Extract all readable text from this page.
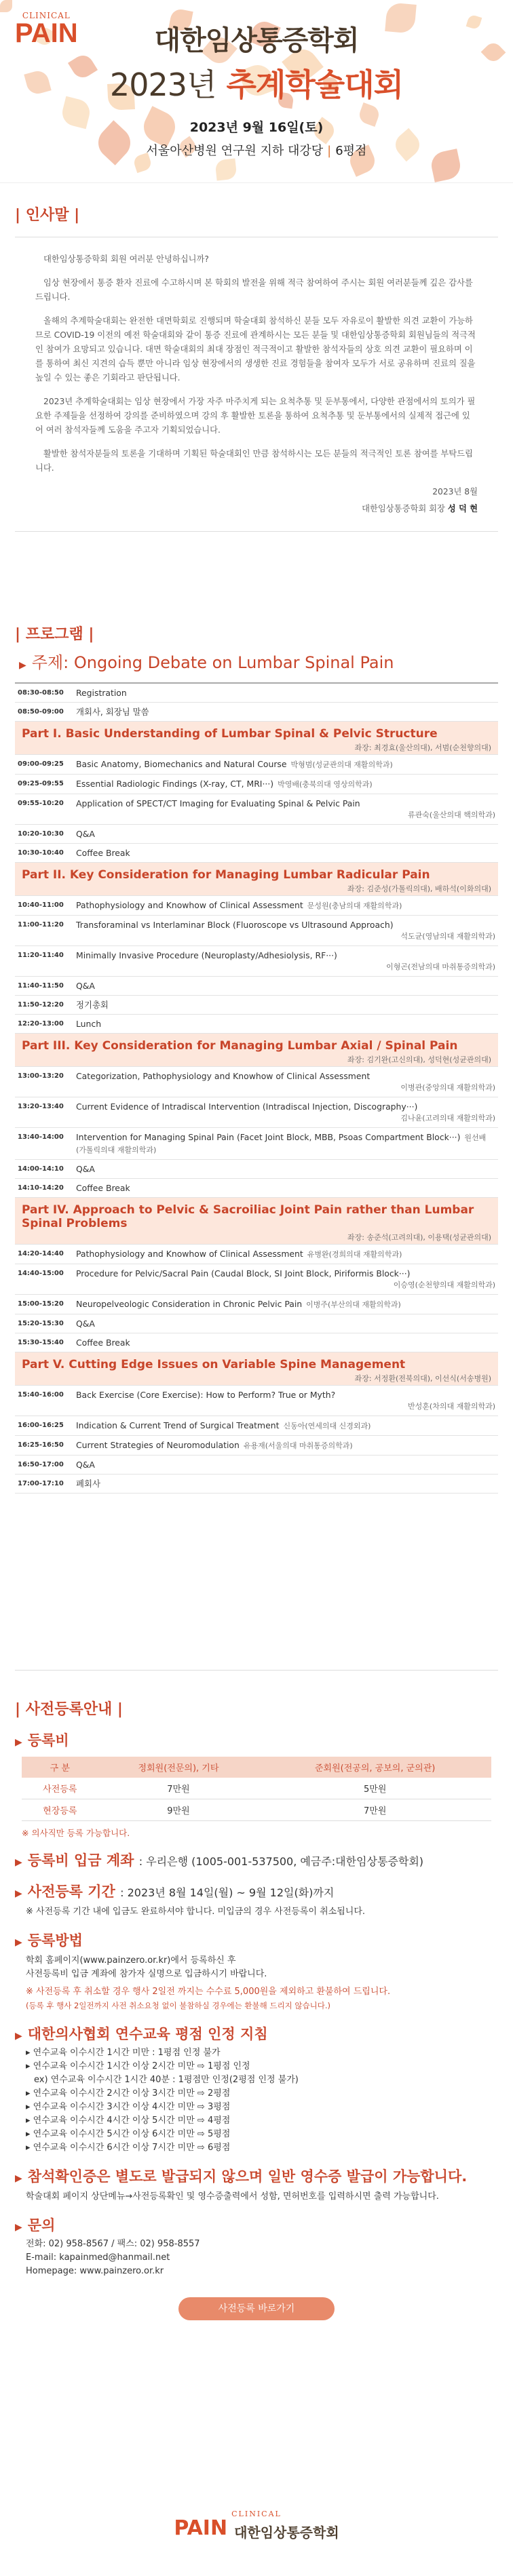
CLINICAL
PAIN	대한임상통증학회
2023년 추계학술대회
2023년 9월 16일(토)
서울아산병원 연구원 지하 대강당 | 6평점
| 인사말 |

대한임상통증학회 회원 여러분 안녕하십니까?

임상 현장에서 통증 환자 진료에 수고하시며 본 학회의 발전을 위해 적극 참여하여 주시는 회원 여러분들께 깊은 감사를 드립니다.

올해의 추계학술대회는 완전한 대면학회로 진행되며 학술대회 참석하신 분들 모두 자유로이 활발한 의견 교환이 가능하므로 COVID-19 이전의 예전 학술대회와 같이 통증 진료에 관계하시는 모든 분들 및 대한임상통증학회 회원님들의 적극적인 참여가 요망되고 있습니다. 대면 학술대회의 최대 장점인 적극적이고 활발한 참석자들의 상호 의견 교환이 필요하며 이를 통하여 최신 지견의 습득 뿐만 아니라 임상 현장에서의 생생한 진료 경험들을 참여자 모두가 서로 공유하며 진료의 질을 높일 수 있는 좋은 기회라고 판단됩니다.

2023년 추계학술대회는 임상 현장에서 가장 자주 마주치게 되는 요척추통 및 둔부통에서, 다양한 관점에서의 토의가 필요한 주제들을 선정하여 강의를 준비하였으며 강의 후 활발한 토론을 통하여 요척추통 및 둔부통에서의 실제적 접근에 있어 여러 참석자들께 도움을 주고자 기획되었습니다.

활발한 참석자분들의 토론을 기대하며 기획된 학술대회인 만큼 참석하시는 모든 분들의 적극적인 토론 참여를 부탁드립니다.

2023년 8월
대한임상통증학회 회장 성 덕 현
| 프로그램 |
▶ 주제: Ongoing Debate on Lumbar Spinal Pain
08:30-08:50	Registration
08:50-09:00	개회사, 회장님 말씀
Part I. Basic Understanding of Lumbar Spinal & Pelvic Structure
좌장: 최경효(울산의대), 서범(순천향의대)
09:00-09:25	Basic Anatomy, Biomechanics and Natural Course 박형범(성균관의대 재활의학과)
09:25-09:55	Essential Radiologic Findings (X-ray, CT, MRI···) 박영배(충북의대 영상의학과)
09:55-10:20	Application of SPECT/CT Imaging for Evaluating Spinal & Pelvic Pain
류관숙(울산의대 핵의학과)
10:20-10:30	Q&A
10:30-10:40	Coffee Break
Part II. Key Consideration for Managing Lumbar Radicular Pain
좌장: 김준성(가톨릭의대), 배하석(이화의대)
10:40-11:00	Pathophysiology and Knowhow of Clinical Assessment 문성원(충남의대 재활의학과)
11:00-11:20	Transforaminal vs Interlaminar Block (Fluoroscope vs Ultrasound Approach)
석도균(영남의대 재활의학과)
11:20-11:40	Minimally Invasive Procedure (Neuroplasty/Adhesiolysis, RF···)
이형곤(전남의대 마취통증의학과)
11:40-11:50	Q&A
11:50-12:20	정기총회
12:20-13:00	Lunch
Part III. Key Consideration for Managing Lumbar Axial / Spinal Pain
좌장: 김기완(고신의대), 성덕현(성균관의대)
13:00-13:20	Categorization, Pathophysiology and Knowhow of Clinical Assessment
이병관(중앙의대 재활의학과)
13:20-13:40	Current Evidence of Intradiscal Intervention (Intradiscal Injection, Discography···)
김나윤(고려의대 재활의학과)
13:40-14:00	Intervention for Managing Spinal Pain (Facet Joint Block, MBB, Psoas Compartment Block···) 원선배(가톨릭의대 재활의학과)
14:00-14:10	Q&A
14:10-14:20	Coffee Break
Part IV. Approach to Pelvic & Sacroiliac Joint Pain rather than Lumbar Spinal Problems
좌장: 송준석(고려의대), 이용택(성균관의대)
14:20-14:40	Pathophysiology and Knowhow of Clinical Assessment 유병완(경희의대 재활의학과)
14:40-15:00	Procedure for Pelvic/Sacral Pain (Caudal Block, SI Joint Block, Piriformis Block···)
이승영(순천향의대 재활의학과)
15:00-15:20	Neuropelveologic Consideration in Chronic Pelvic Pain 이병주(부산의대 재활의학과)
15:20-15:30	Q&A
15:30-15:40	Coffee Break
Part V. Cutting Edge Issues on Variable Spine Management
좌장: 서정환(전북의대), 이선식(서송병원)
15:40-16:00	Back Exercise (Core Exercise): How to Perform? True or Myth?
반성훈(차의대 재활의학과)
16:00-16:25	Indication & Current Trend of Surgical Treatment 신동아(연세의대 신경외과)
16:25-16:50	Current Strategies of Neuromodulation 유용재(서울의대 마취통증의학과)
16:50-17:00	Q&A
17:00-17:10	폐회사
| 사전등록안내 |
▶ 등록비
구 분	정회원(전문의), 기타	준회원(전공의, 공보의, 군의관)
사전등록	7만원	5만원
현장등록	9만원	7만원
※ 의사직만 등록 가능합니다.
▶ 등록비 입금 계좌 : 우리은행 (1005-001-537500, 예금주:대한임상통증학회)
▶ 사전등록 기간 : 2023년 8월 14일(월) ~ 9월 12일(화)까지
※ 사전등록 기간 내에 입금도 완료하셔야 합니다. 미입금의 경우 사전등록이 취소됩니다.
▶ 등록방법
학회 홈페이지(www.painzero.or.kr)에서 등록하신 후
사전등록비 입금 계좌에 참가자 실명으로 입금하시기 바랍니다.
※ 사전등록 후 취소할 경우 행사 2일전 까지는 수수료 5,000원을 제외하고 환불하여 드립니다.
(등록 후 행사 2일전까지 사전 취소요청 없이 불참하실 경우에는 환불해 드리지 않습니다.)
▶ 대한의사협회 연수교육 평점 인정 지침
▸ 연수교육 이수시간 1시간 미만 : 1평점 인정 불가
▸ 연수교육 이수시간 1시간 이상 2시간 미만 ⇨ 1평점 인정
ex) 연수교육 이수시간 1시간 40분 : 1평점만 인정(2평점 인정 불가)
▸ 연수교육 이수시간 2시간 이상 3시간 미만 ⇨ 2평점
▸ 연수교육 이수시간 3시간 이상 4시간 미만 ⇨ 3평점
▸ 연수교육 이수시간 4시간 이상 5시간 미만 ⇨ 4평점
▸ 연수교육 이수시간 5시간 이상 6시간 미만 ⇨ 5평점
▸ 연수교육 이수시간 6시간 이상 7시간 미만 ⇨ 6평점
▶ 참석확인증은 별도로 발급되지 않으며 일반 영수증 발급이 가능합니다.
학술대회 페이지 상단메뉴→사전등록확인 및 영수증출력에서 성함, 면허번호를 입력하시면 출력 가능합니다.
▶ 문의
전화: 02) 958-8567 / 팩스: 02) 958-8557
E-mail: kapainmed@hanmail.net
Homepage: www.painzero.or.kr
사전등록 바로가기
CLINICAL
PAIN 대한임상통증학회
